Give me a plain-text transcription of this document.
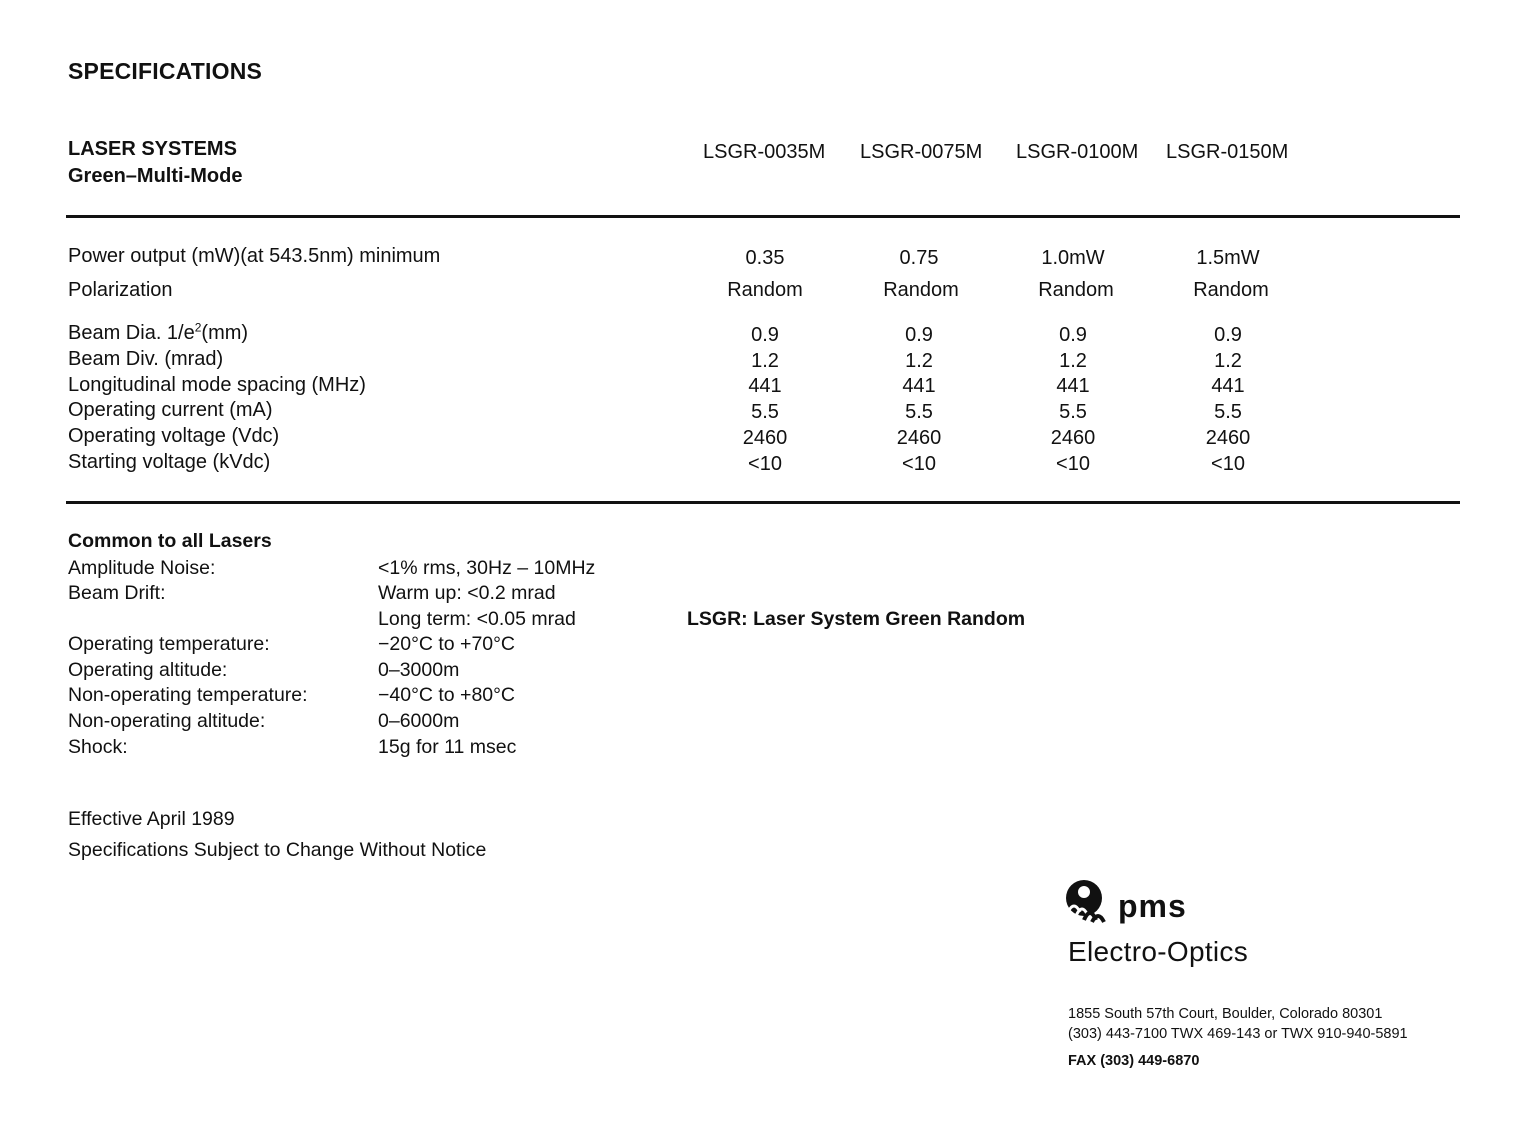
SPECIFICATIONS
LASER SYSTEMS
Green–Multi-Mode
LSGR-0035M LSGR-0075M LSGR-0100M LSGR-0150M
Power output (mW)(at 543.5nm) minimum	0.35	0.75	1.0mW	1.5mW
Polarization	Random	Random	Random	Random
Beam Dia. $1/e^2(mm)$	0.9	0.9	0.9	0.9
Beam Div. (mrad)	1.2	1.2	1.2	1.2
Longitudinal mode spacing (MHz)	441	441	441	441
Operating current (mA)	5.5	5.5	5.5	5.5
Operating voltage (Vdc)	2460	2460	2460	2460
Starting voltage (kVdc)	<10	<10	<10	<10
Common to all Lasers
Amplitude Noise:	<1% rms, 30Hz – 10MHz
Beam Drift:	Warm up: <0.2 mrad
Long term: <0.05 mrad
Operating temperature:	−20°C to +70°C
Operating altitude:	0–3000m
Non-operating temperature:	−40°C to +80°C
Non-operating altitude:	0–6000m
Shock:	15g for 11 msec
LSGR: Laser System Green Random
Effective April 1989
Specifications Subject to Change Without Notice
pms
Electro-Optics
1855 South 57th Court, Boulder, Colorado 80301
(303) 443-7100 TWX 469-143 or TWX 910-940-5891
FAX (303) 449-6870
